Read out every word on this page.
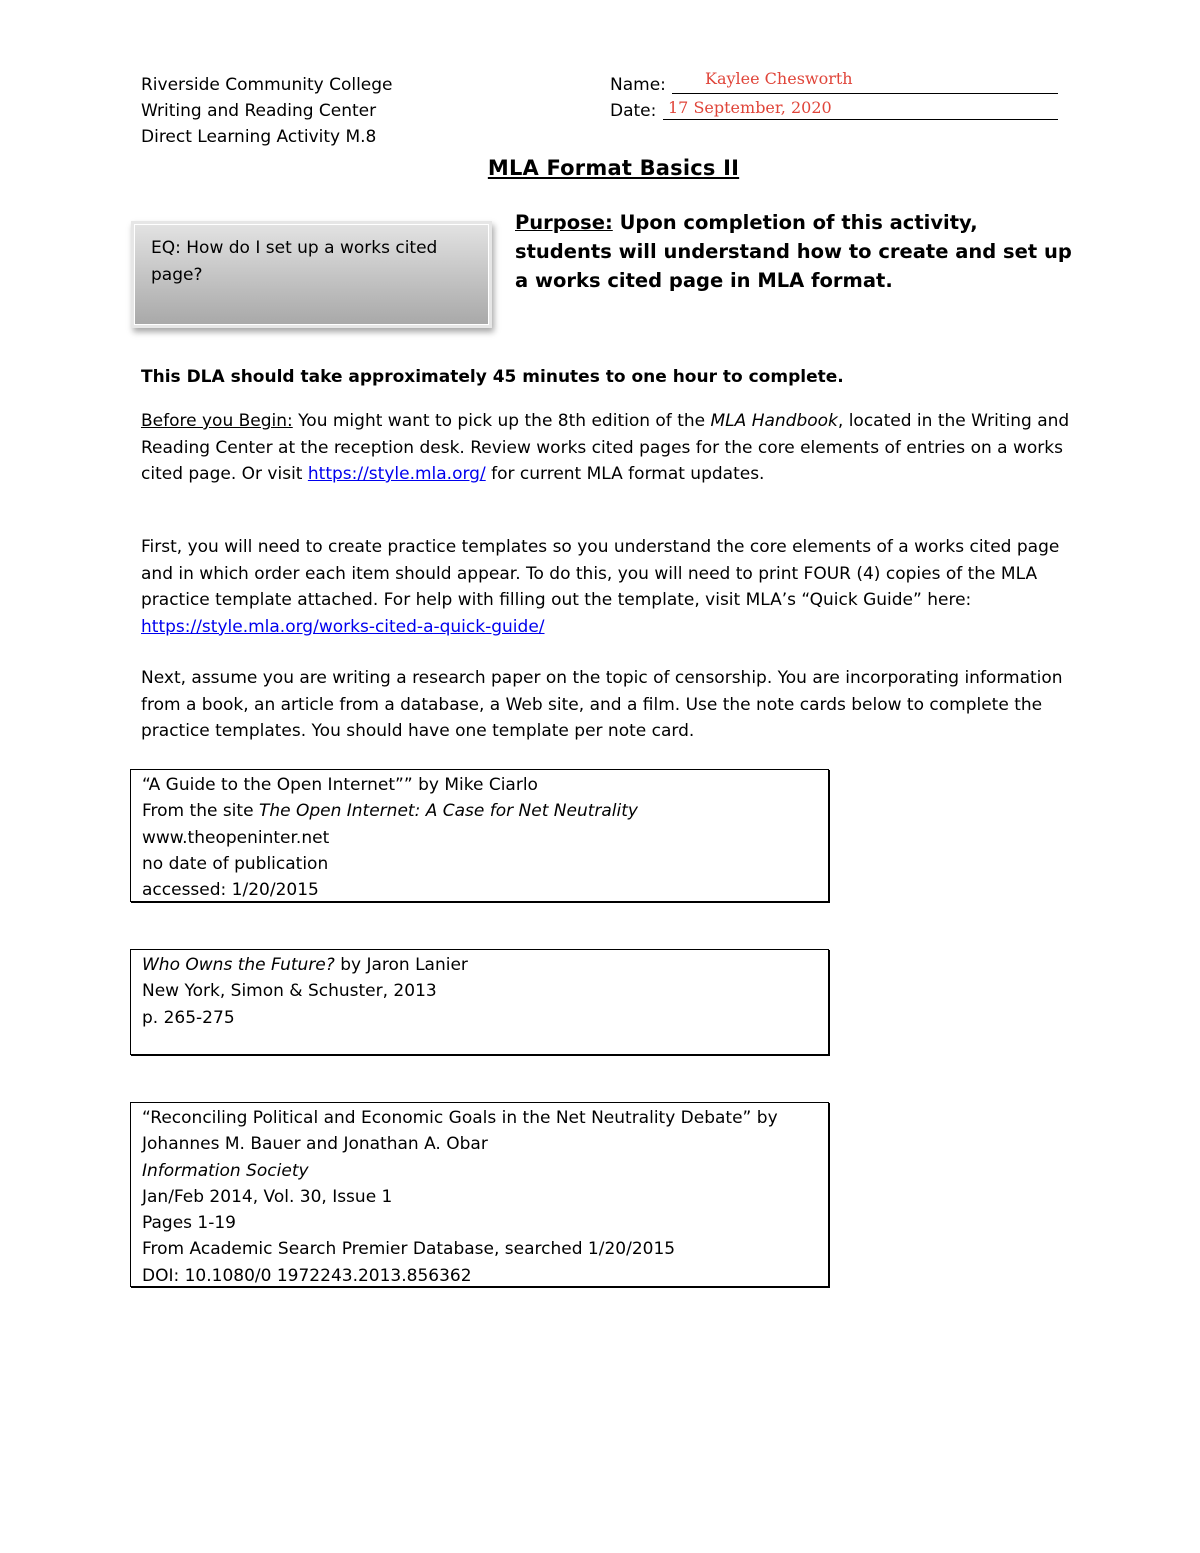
Riverside Community College
Writing and Reading Center
Direct Learning Activity M.8
Name: Kaylee Chesworth
Date: 17 September, 2020
MLA Format Basics II
EQ: How do I set up a works cited page?
Purpose: Upon completion of this activity, students will understand how to create and set up a works cited page in MLA format.
This DLA should take approximately 45 minutes to one hour to complete.
Before you Begin: You might want to pick up the 8th edition of the MLA Handbook, located in the Writing and Reading Center at the reception desk. Review works cited pages for the core elements of entries on a works cited page. Or visit https://style.mla.org/ for current MLA format updates.
First, you will need to create practice templates so you understand the core elements of a works cited page and in which order each item should appear. To do this, you will need to print FOUR (4) copies of the MLA practice template attached. For help with filling out the template, visit MLA’s “Quick Guide” here: https://style.mla.org/works-cited-a-quick-guide/
Next, assume you are writing a research paper on the topic of censorship. You are incorporating information from a book, an article from a database, a Web site, and a film. Use the note cards below to complete the practice templates. You should have one template per note card.
“A Guide to the Open Internet”” by Mike Ciarlo
From the site The Open Internet: A Case for Net Neutrality
www.theopeninter.net
no date of publication
accessed: 1/20/2015
Who Owns the Future? by Jaron Lanier
New York, Simon & Schuster, 2013
p. 265-275
“Reconciling Political and Economic Goals in the Net Neutrality Debate” by
Johannes M. Bauer and Jonathan A. Obar
Information Society
Jan/Feb 2014, Vol. 30, Issue 1
Pages 1-19
From Academic Search Premier Database, searched 1/20/2015
DOI: 10.1080/0 1972243.2013.856362
